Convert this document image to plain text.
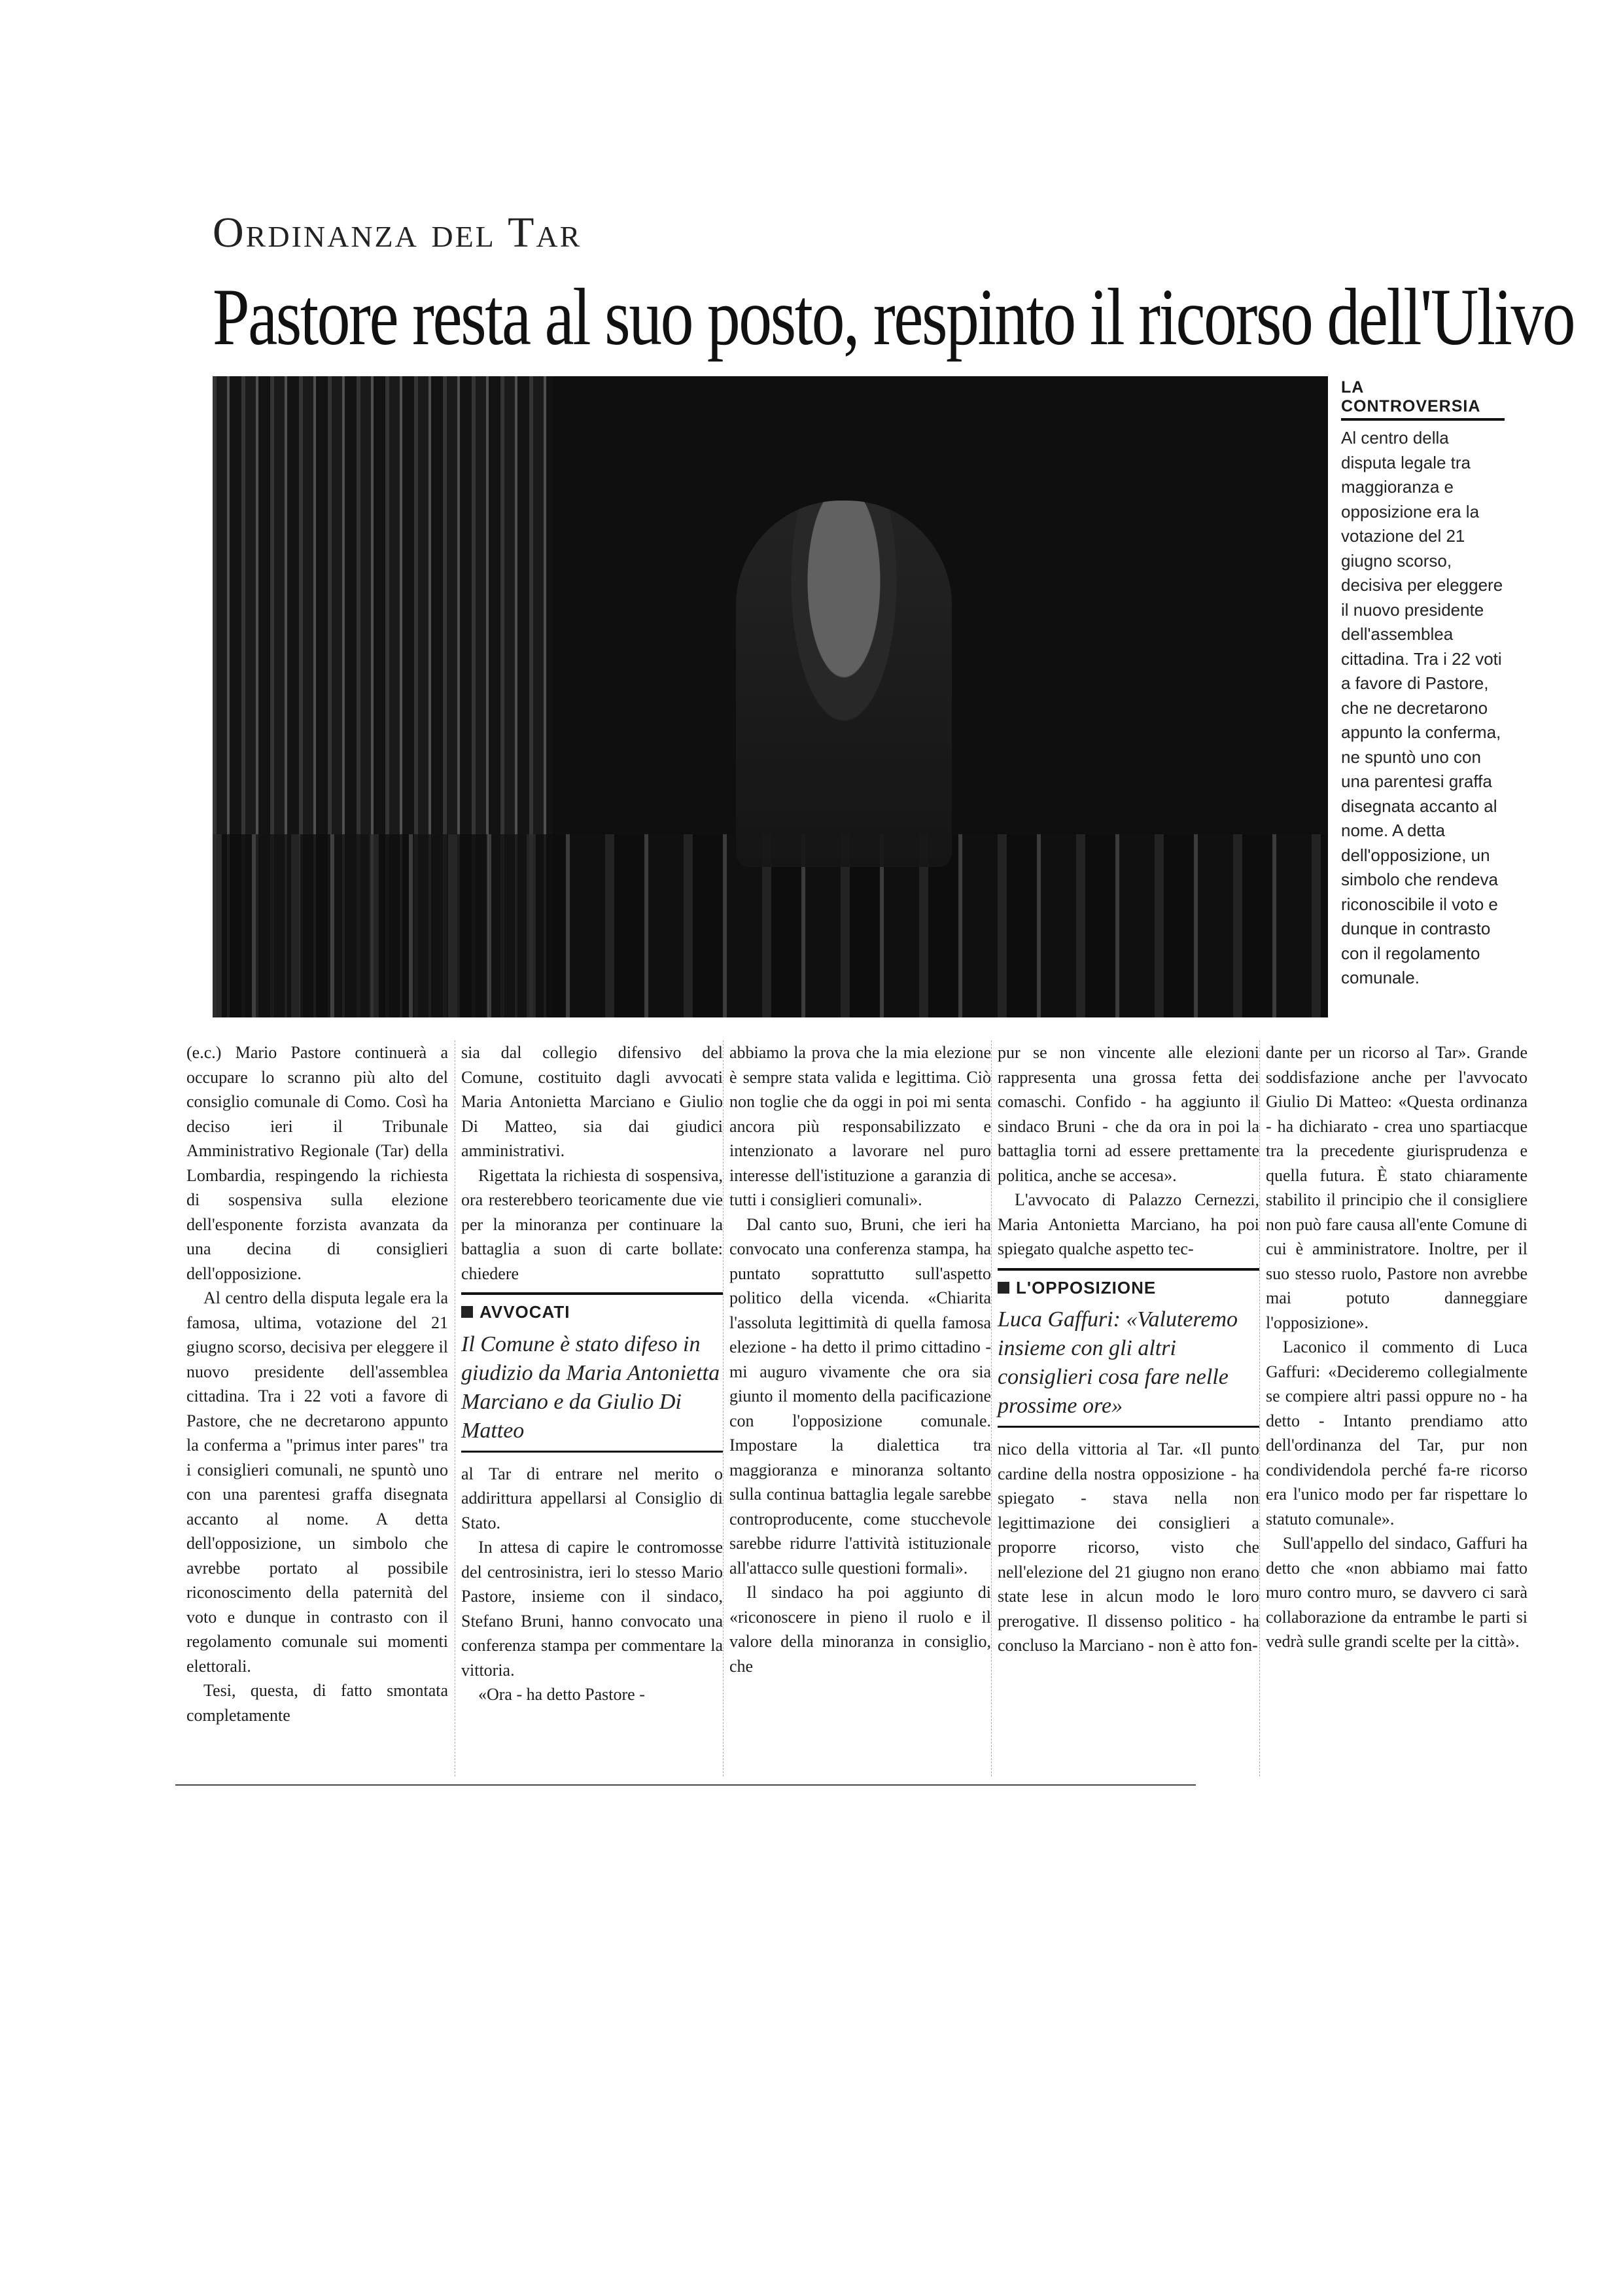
Ordinanza del Tar
Pastore resta al suo posto, respinto il ricorso dell'Ulivo
LA CONTROVERSIA
Al centro della disputa legale tra maggioranza e opposizione era la votazione del 21 giugno scorso, decisiva per eleggere il nuovo presidente dell'assemblea cittadina. Tra i 22 voti a favore di Pastore, che ne decretarono appunto la conferma, ne spuntò uno con una parentesi graffa disegnata accanto al nome. A detta dell'opposizione, un simbolo che rendeva riconoscibile il voto e dunque in contrasto con il regolamento comunale.

(e.c.) Mario Pastore continuerà a occupare lo scranno più alto del consiglio comunale di Como. Così ha deciso ieri il Tribunale Amministrativo Regionale (Tar) della Lombardia, respingendo la richiesta di sospensiva sulla elezione dell'esponente forzista avanzata da una decina di consiglieri dell'opposizione.

Al centro della disputa legale era la famosa, ultima, votazione del 21 giugno scorso, decisiva per eleggere il nuovo presidente dell'assemblea cittadina. Tra i 22 voti a favore di Pastore, che ne decretarono appunto la conferma a "primus inter pares" tra i consiglieri comunali, ne spuntò uno con una parentesi graffa disegnata accanto al nome. A detta dell'opposizione, un simbolo che avrebbe portato al possibile riconoscimento della paternità del voto e dunque in contrasto con il regolamento comunale sui momenti elettorali.

Tesi, questa, di fatto smontata completamente

sia dal collegio difensivo del Comune, costituito dagli avvocati Maria Antonietta Marciano e Giulio Di Matteo, sia dai giudici amministrativi.

Rigettata la richiesta di sospensiva, ora resterebbero teoricamente due vie per la minoranza per continuare la battaglia a suon di carte bollate: chiedere

AVVOCATI
Il Comune è stato difeso in giudizio da Maria Antonietta Marciano e da Giulio Di Matteo

al Tar di entrare nel merito o addirittura appellarsi al Consiglio di Stato.

In attesa di capire le contromosse del centrosinistra, ieri lo stesso Mario Pastore, insieme con il sindaco, Stefano Bruni, hanno convocato una conferenza stampa per commentare la vittoria.

«Ora - ha detto Pastore -

abbiamo la prova che la mia elezione è sempre stata valida e legittima. Ciò non toglie che da oggi in poi mi senta ancora più responsabilizzato e intenzionato a lavorare nel puro interesse dell'istituzione a garanzia di tutti i consiglieri comunali».

Dal canto suo, Bruni, che ieri ha convocato una conferenza stampa, ha puntato soprattutto sull'aspetto politico della vicenda. «Chiarita l'assoluta legittimità di quella famosa elezione - ha detto il primo cittadino - mi auguro vivamente che ora sia giunto il momento della pacificazione con l'opposizione comunale. Impostare la dialettica tra maggioranza e minoranza soltanto sulla continua battaglia legale sarebbe controproducente, come stucchevole sarebbe ridurre l'attività istituzionale all'attacco sulle questioni formali».

Il sindaco ha poi aggiunto di «riconoscere in pieno il ruolo e il valore della minoranza in consiglio, che

pur se non vincente alle elezioni rappresenta una grossa fetta dei comaschi. Confido - ha aggiunto il sindaco Bruni - che da ora in poi la battaglia torni ad essere prettamente politica, anche se accesa».

L'avvocato di Palazzo Cernezzi, Maria Antonietta Marciano, ha poi spiegato qualche aspetto tec-

L'OPPOSIZIONE
Luca Gaffuri: «Valuteremo insieme con gli altri consiglieri cosa fare nelle prossime ore»

nico della vittoria al Tar. «Il punto cardine della nostra opposizione - ha spiegato - stava nella non legittimazione dei consiglieri a proporre ricorso, visto che nell'elezione del 21 giugno non erano state lese in alcun modo le loro prerogative. Il dissenso politico - ha concluso la Marciano - non è atto fon-

dante per un ricorso al Tar». Grande soddisfazione anche per l'avvocato Giulio Di Matteo: «Questa ordinanza - ha dichiarato - crea uno spartiacque tra la precedente giurisprudenza e quella futura. È stato chiaramente stabilito il principio che il consigliere non può fare causa all'ente Comune di cui è amministratore. Inoltre, per il suo stesso ruolo, Pastore non avrebbe mai potuto danneggiare l'opposizione».

Laconico il commento di Luca Gaffuri: «Decideremo collegialmente se compiere altri passi oppure no - ha detto - Intanto prendiamo atto dell'ordinanza del Tar, pur non condividendola perché fa-re ricorso era l'unico modo per far rispettare lo statuto comunale».

Sull'appello del sindaco, Gaffuri ha detto che «non abbiamo mai fatto muro contro muro, se davvero ci sarà collaborazione da entrambe le parti si vedrà sulle grandi scelte per la città».
